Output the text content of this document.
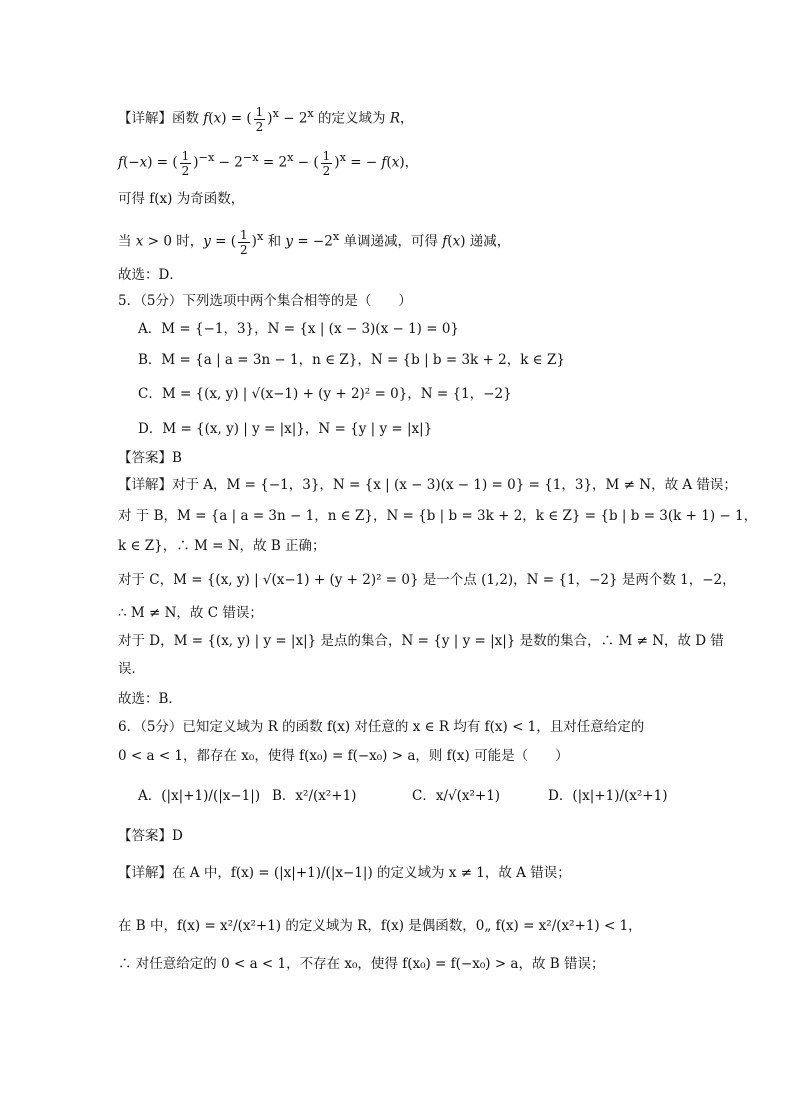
【详解】函数 f(x) = ( $\frac{1}{2} )^x - 2^x$ 的定义域为 R，
f(−x) = ( $\frac{1}{2} )^{-x} - 2^{-x} = 2^x$ − ( $\frac{1}{2} )^x$ = − f(x)，
可得 f(x) 为奇函数，
当 x > 0 时，y = ( $\frac{1}{2} )^x$ 和 $y = -2^x$ 单调递减，可得 f(x) 递减，
故选：D．
5．（5分）下列选项中两个集合相等的是（　　）
A．M = {−1，3}，N = {x | (x − 3)(x − 1) = 0}
B．M = {a | a = 3n − 1，n ∈ Z}，N = {b | b = 3k + 2，k ∈ Z}
C．M = {(x, y) | √(x−1) + (y + 2)² = 0}，N = {1，−2}
D．M = {(x, y) | y = |x|}，N = {y | y = |x|}
【答案】B
【详解】对于 A，M = {−1，3}，N = {x | (x − 3)(x − 1) = 0} = {1，3}，M ≠ N，故 A 错误；
对 于 B，M = {a | a = 3n − 1，n ∈ Z}，N = {b | b = 3k + 2，k ∈ Z} = {b | b = 3(k + 1) − 1，
k ∈ Z}，∴ M = N，故 B 正确；
对于 C，M = {(x, y) | √(x−1) + (y + 2)² = 0} 是一个点 (1,2)，N = {1，−2} 是两个数 1，−2，
∴ M ≠ N，故 C 错误；
对于 D，M = {(x, y) | y = |x|} 是点的集合，N = {y | y = |x|} 是数的集合，∴ M ≠ N，故 D 错
误．
故选：B．
6．（5分）已知定义域为 R 的函数 f(x) 对任意的 x ∈ R 均有 f(x) < 1，且对任意给定的
0 < a < 1，都存在 x₀，使得 f(x₀) = f(−x₀) > a，则 f(x) 可能是（　　）
A．(|x|+1)/(|x−1|) B．x²/(x²+1)	C．x/√(x²+1)	D．(|x|+1)/(x²+1)
【答案】D
【详解】在 A 中，f(x) = (|x|+1)/(|x−1|) 的定义域为 x ≠ 1，故 A 错误；
在 B 中，f(x) = x²/(x²+1) 的定义域为 R，f(x) 是偶函数，0„ f(x) = x²/(x²+1) < 1，
∴ 对任意给定的 0 < a < 1，不存在 x₀，使得 f(x₀) = f(−x₀) > a，故 B 错误；
